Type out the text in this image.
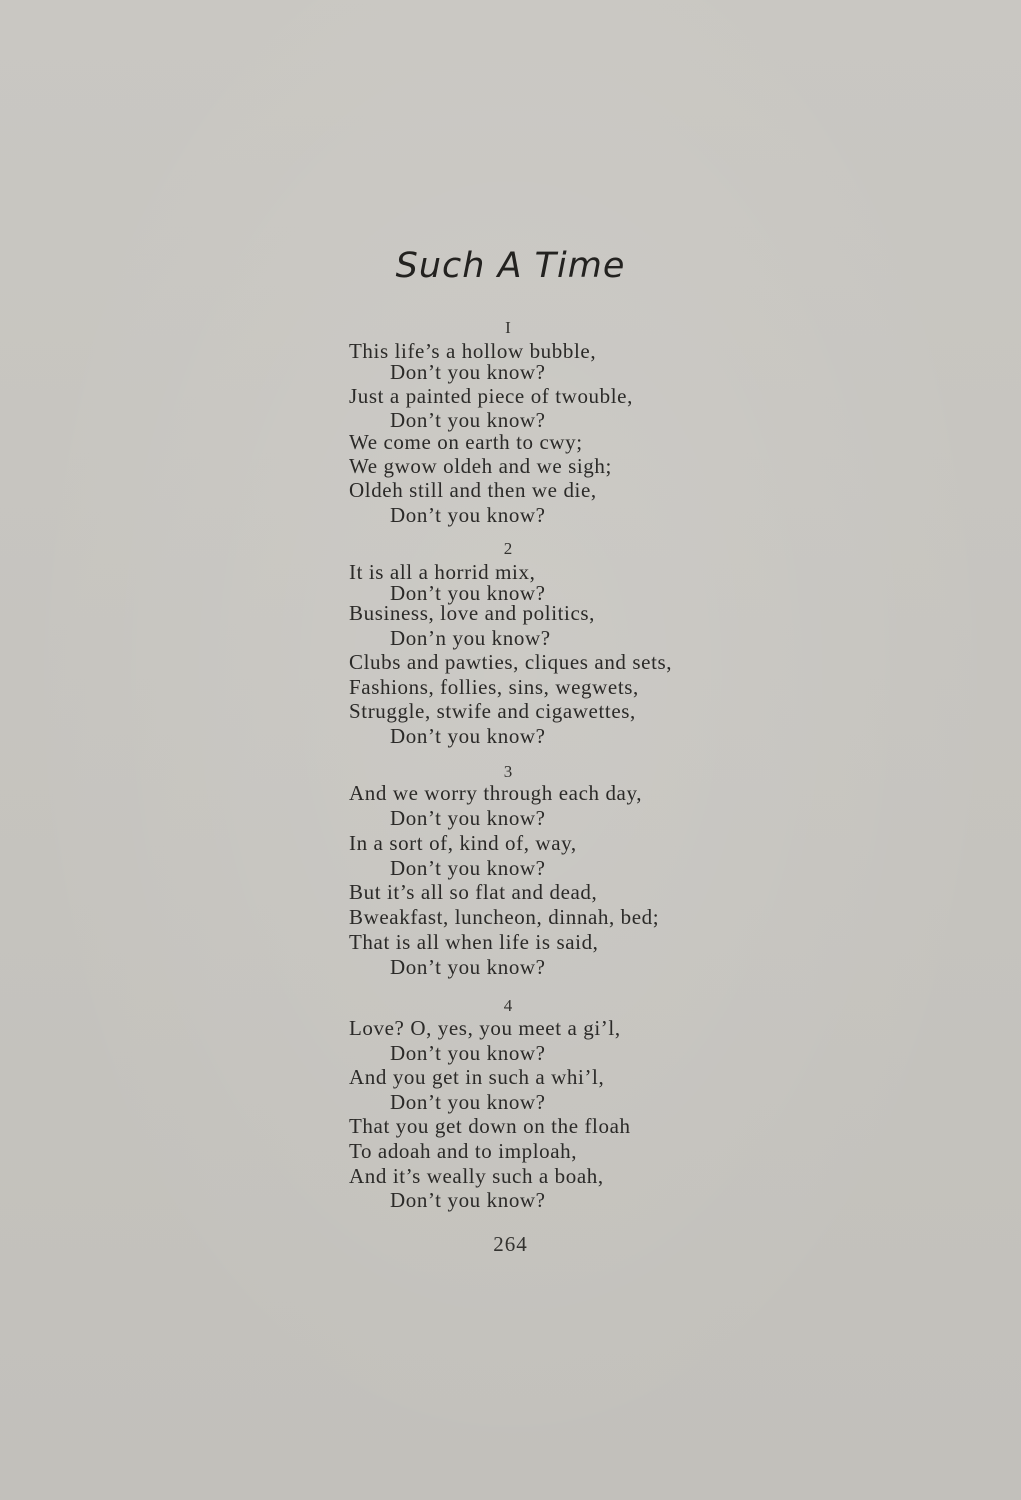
Such A Time
I
This life’s a hollow bubble,
Don’t you know?
Just a painted piece of twouble,
Don’t you know?
We come on earth to cwy;
We gwow oldeh and we sigh;
Oldeh still and then we die,
Don’t you know?
2
It is all a horrid mix,
Don’t you know?
Business, love and politics,
Don’n you know?
Clubs and pawties, cliques and sets,
Fashions, follies, sins, wegwets,
Struggle, stwife and cigawettes,
Don’t you know?
3
And we worry through each day,
Don’t you know?
In a sort of, kind of, way,
Don’t you know?
But it’s all so flat and dead,
Bweakfast, luncheon, dinnah, bed;
That is all when life is said,
Don’t you know?
4
Love? O, yes, you meet a gi’l,
Don’t you know?
And you get in such a whi’l,
Don’t you know?
That you get down on the floah
To adoah and to imploah,
And it’s weally such a boah,
Don’t you know?
264
